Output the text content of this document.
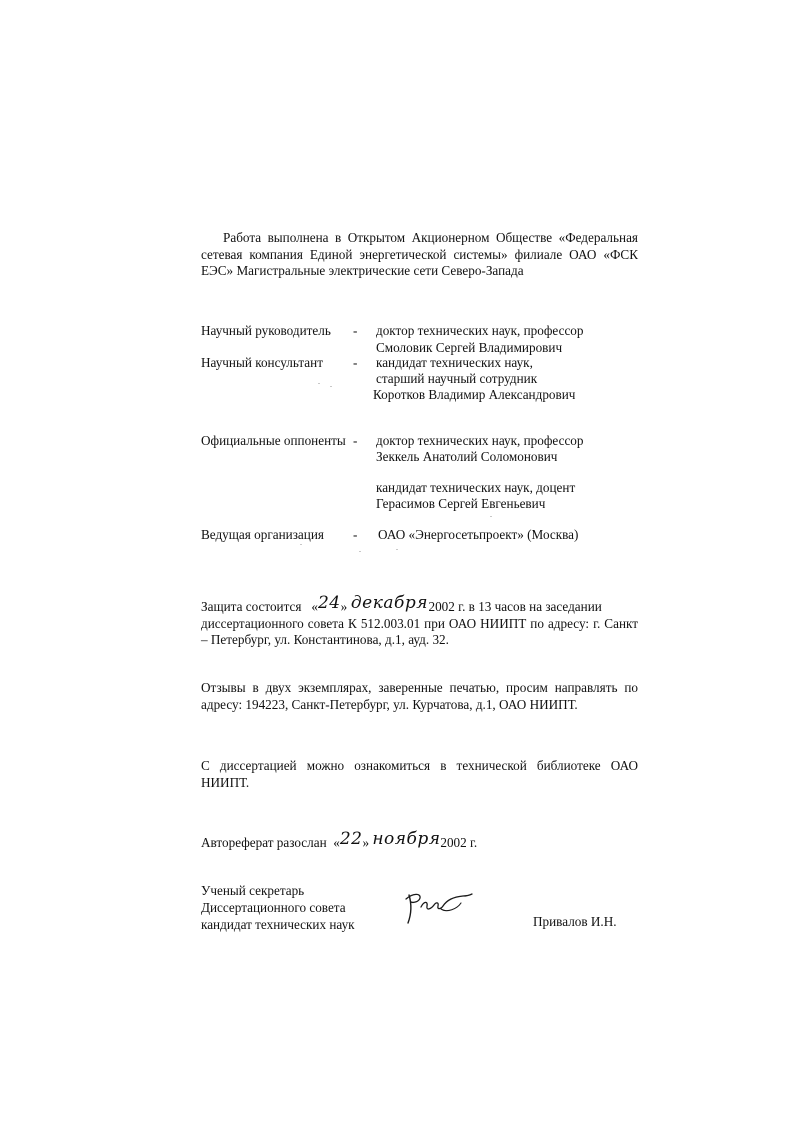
Работа выполнена в Открытом Акционерном Обществе «Федеральная
сетевая компания Единой энергетической системы» филиале ОАО «ФСК
ЕЭС» Магистральные электрические сети Северо-Запада
Научный руководитель - доктор технических наук, профессор
Смоловик Сергей Владимирович
Научный консультант - кандидат технических наук,
старший научный сотрудник
Коротков Владимир Александрович
Официальные оппоненты - доктор технических наук, профессор
Зеккель Анатолий Соломонович
кандидат технических наук, доцент
Герасимов Сергей Евгеньевич
Ведущая организация - ОАО «Энергосетьпроект» (Москва)
Защита состоится «24» декабря2002 г. в 13 часов на заседании
диссертационного совета К 512.003.01 при ОАО НИИПТ по адресу: г. Санкт
– Петербург, ул. Константинова, д.1, ауд. 32.
Отзывы в двух экземплярах, заверенные печатью, просим направлять по
адресу: 194223, Санкт-Петербург, ул. Курчатова, д.1, ОАО НИИПТ.
С диссертацией можно ознакомиться в технической библиотеке ОАО
НИИПТ.
Автореферат разослан «22» ноября2002 г.
Ученый секретарь
Диссертационного совета
кандидат технических наук	Привалов И.Н.
